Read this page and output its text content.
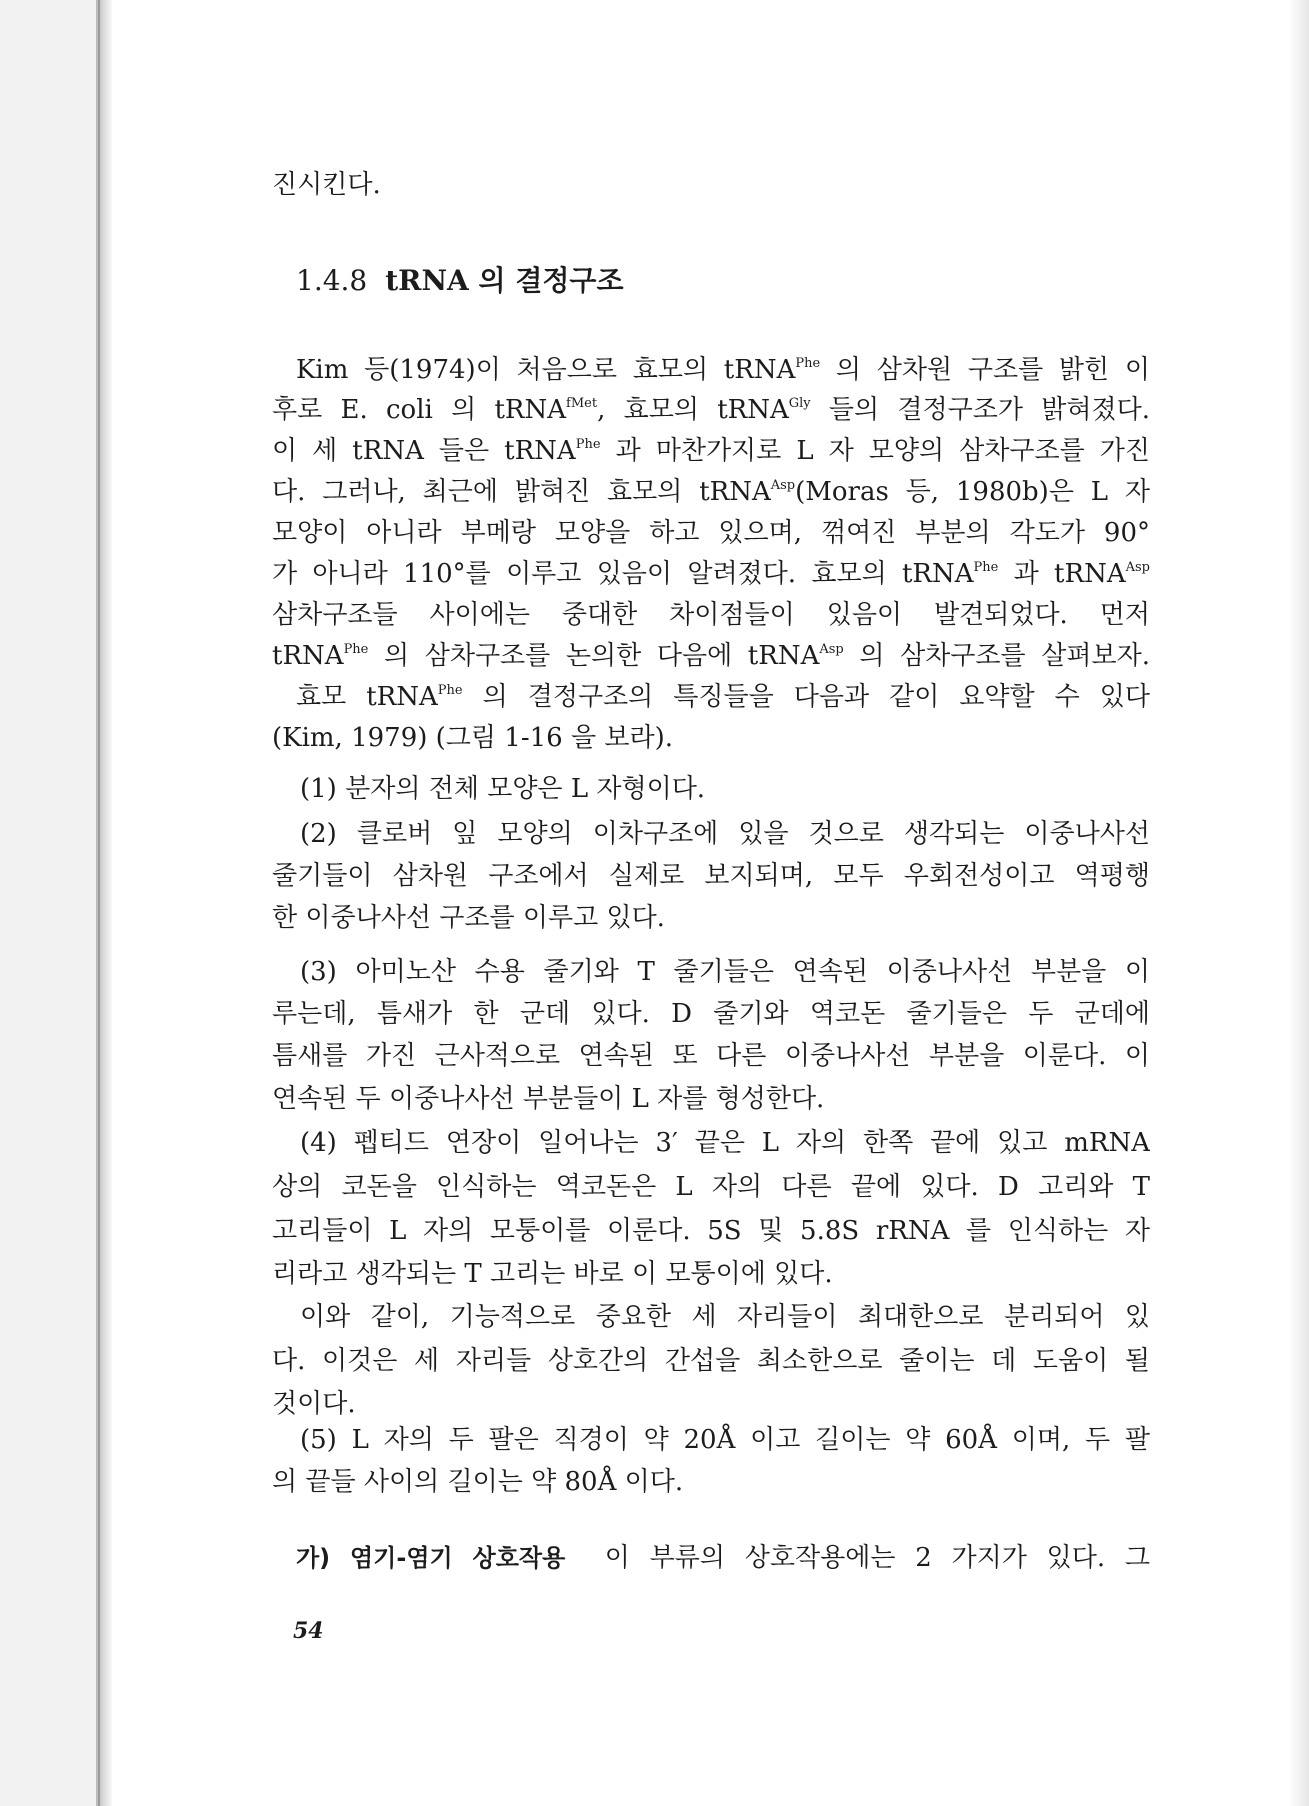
진시킨다.

1.4.8 tRNA 의 결정구조

Kim 등(1974)이 처음으로 효모의 tRNA$^{Phe}$ 의 삼차원 구조를 밝힌 이

후로 E. coli 의 tRNA$^{fMet}$, 효모의 tRNA$^{Gly}$ 들의 결정구조가 밝혀졌다.

이 세 tRNA 들은 tRNA$^{Phe}$ 과 마찬가지로 L 자 모양의 삼차구조를 가진

다. 그러나, 최근에 밝혀진 효모의 tRNA$^{Asp}$(Moras 등, 1980b)은 L 자

모양이 아니라 부메랑 모양을 하고 있으며, 꺾여진 부분의 각도가 90°

가 아니라 110°를 이루고 있음이 알려졌다. 효모의 tRNA$^{Phe}$ 과 tRNA$^{Asp}$

삼차구조들 사이에는 중대한 차이점들이 있음이 발견되었다. 먼저

tRNA$^{Phe}$ 의 삼차구조를 논의한 다음에 tRNA$^{Asp}$ 의 삼차구조를 살펴보자.

효모 tRNA$^{Phe}$ 의 결정구조의 특징들을 다음과 같이 요약할 수 있다

(Kim, 1979) (그림 1-16 을 보라).

(1) 분자의 전체 모양은 L 자형이다.

(2) 클로버 잎 모양의 이차구조에 있을 것으로 생각되는 이중나사선

줄기들이 삼차원 구조에서 실제로 보지되며, 모두 우회전성이고 역평행

한 이중나사선 구조를 이루고 있다.

(3) 아미노산 수용 줄기와 T 줄기들은 연속된 이중나사선 부분을 이

루는데, 틈새가 한 군데 있다. D 줄기와 역코돈 줄기들은 두 군데에

틈새를 가진 근사적으로 연속된 또 다른 이중나사선 부분을 이룬다. 이

연속된 두 이중나사선 부분들이 L 자를 형성한다.

(4) 펩티드 연장이 일어나는 3′ 끝은 L 자의 한쪽 끝에 있고 mRNA

상의 코돈을 인식하는 역코돈은 L 자의 다른 끝에 있다. D 고리와 T

고리들이 L 자의 모퉁이를 이룬다. 5S 및 5.8S rRNA 를 인식하는 자

리라고 생각되는 T 고리는 바로 이 모퉁이에 있다.

이와 같이, 기능적으로 중요한 세 자리들이 최대한으로 분리되어 있

다. 이것은 세 자리들 상호간의 간섭을 최소한으로 줄이는 데 도움이 될

것이다.

(5) L 자의 두 팔은 직경이 약 20Å 이고 길이는 약 60Å 이며, 두 팔

의 끝들 사이의 길이는 약 80Å 이다.

가) 염기-염기 상호작용 이 부류의 상호작용에는 2 가지가 있다. 그
54
